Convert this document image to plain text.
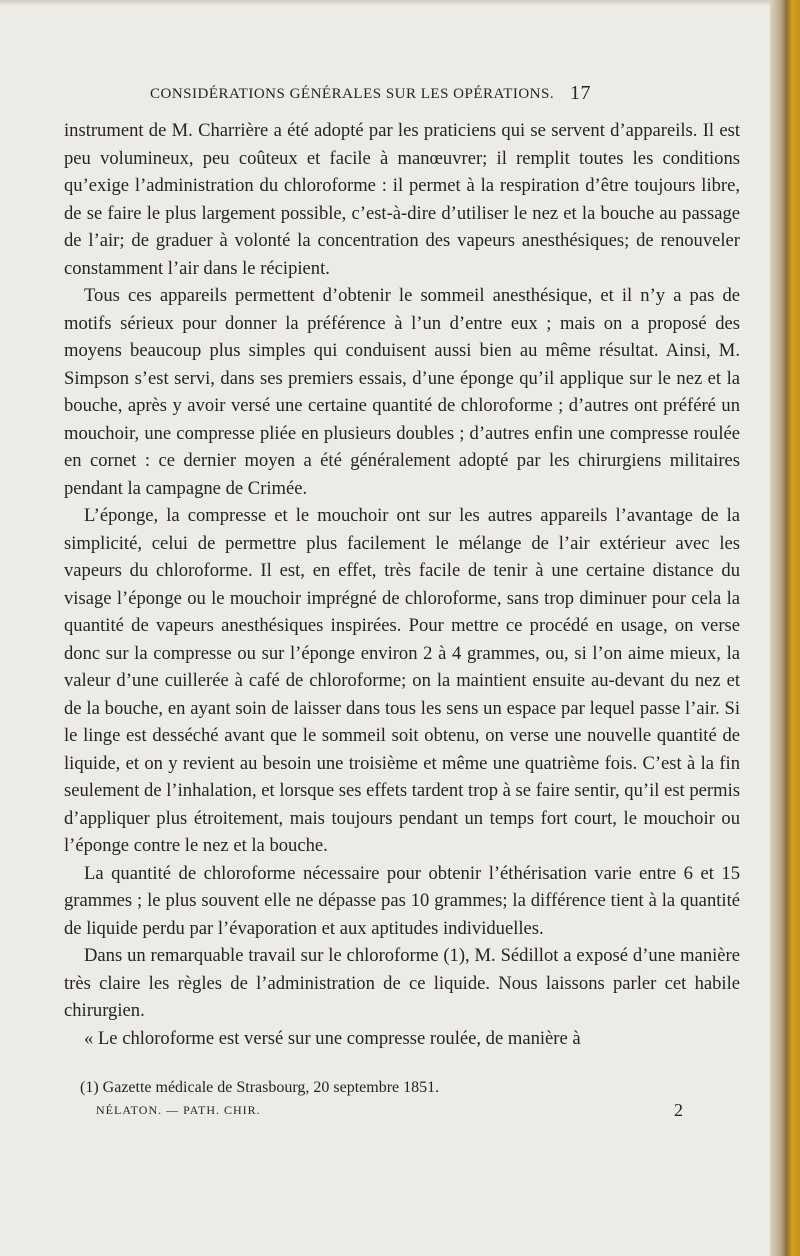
CONSIDÉRATIONS GÉNÉRALES SUR LES OPÉRATIONS. 17

instrument de M. Charrière a été adopté par les praticiens qui se servent d’appareils. Il est peu volumineux, peu coûteux et facile à manœuvrer; il remplit toutes les conditions qu’exige l’administration du chloroforme : il permet à la respiration d’être toujours libre, de se faire le plus largement possible, c’est-à-dire d’utiliser le nez et la bouche au passage de l’air; de graduer à volonté la concentration des vapeurs anesthésiques; de renouveler constamment l’air dans le récipient.

Tous ces appareils permettent d’obtenir le sommeil anesthésique, et il n’y a pas de motifs sérieux pour donner la préférence à l’un d’entre eux ; mais on a proposé des moyens beaucoup plus simples qui conduisent aussi bien au même résultat. Ainsi, M. Simpson s’est servi, dans ses premiers essais, d’une éponge qu’il applique sur le nez et la bouche, après y avoir versé une certaine quantité de chloroforme ; d’autres ont préféré un mouchoir, une compresse pliée en plusieurs doubles ; d’autres enfin une compresse roulée en cornet : ce dernier moyen a été généralement adopté par les chirurgiens militaires pendant la campagne de Crimée.

L’éponge, la compresse et le mouchoir ont sur les autres appareils l’avantage de la simplicité, celui de permettre plus facilement le mélange de l’air extérieur avec les vapeurs du chloroforme. Il est, en effet, très facile de tenir à une certaine distance du visage l’éponge ou le mouchoir imprégné de chloroforme, sans trop diminuer pour cela la quantité de vapeurs anesthésiques inspirées. Pour mettre ce procédé en usage, on verse donc sur la compresse ou sur l’éponge environ 2 à 4 grammes, ou, si l’on aime mieux, la valeur d’une cuillerée à café de chloroforme; on la maintient ensuite au-devant du nez et de la bouche, en ayant soin de laisser dans tous les sens un espace par lequel passe l’air. Si le linge est desséché avant que le sommeil soit obtenu, on verse une nouvelle quantité de liquide, et on y revient au besoin une troisième et même une quatrième fois. C’est à la fin seulement de l’inhalation, et lorsque ses effets tardent trop à se faire sentir, qu’il est permis d’appliquer plus étroitement, mais toujours pendant un temps fort court, le mouchoir ou l’éponge contre le nez et la bouche.

La quantité de chloroforme nécessaire pour obtenir l’éthérisation varie entre 6 et 15 grammes ; le plus souvent elle ne dépasse pas 10 grammes; la différence tient à la quantité de liquide perdu par l’évaporation et aux aptitudes individuelles.

Dans un remarquable travail sur le chloroforme (1), M. Sédillot a exposé d’une manière très claire les règles de l’administration de ce liquide. Nous laissons parler cet habile chirurgien.

« Le chloroforme est versé sur une compresse roulée, de manière à

(1) Gazette médicale de Strasbourg, 20 septembre 1851.
NÉLATON. — PATH. CHIR.	2
